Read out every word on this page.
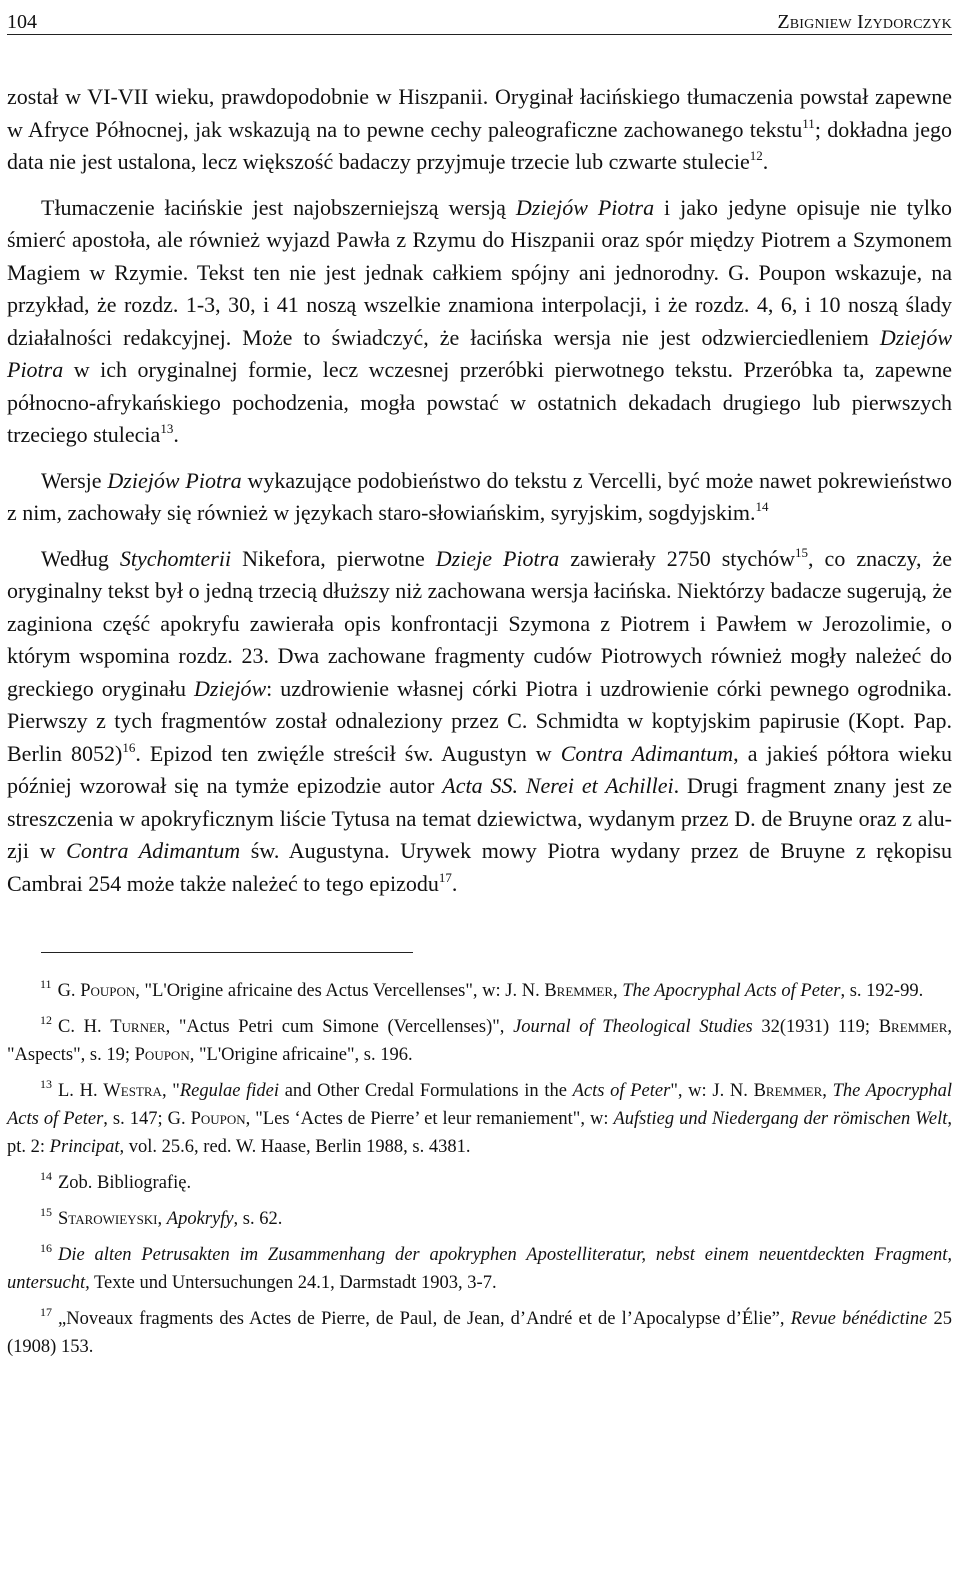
104	Zbigniew Izydorczyk

został w VI-VII wieku, prawdopodobnie w Hiszpanii. Oryginał łacińskiego tłumaczenia powstał zapewne w Afryce Północnej, jak wskazują na to pewne cechy paleograficzne zachowanego tekstu$^{11}$; dokładna jego data nie jest ustalona, lecz większość badaczy przyjmuje trzecie lub czwarte stulecie$^{12}$.

Tłumaczenie łacińskie jest najobszerniejszą wersją Dziejów Piotra i jako jedyne opisuje nie tylko śmierć apostoła, ale również wyjazd Pawła z Rzymu do Hiszpanii oraz spór między Piotrem a Szymonem Magiem w Rzymie. Tekst ten nie jest jednak całkiem spójny ani jednorodny. G. Poupon wskazuje, na przykład, że rozdz. 1-3, 30, i 41 noszą wszelkie znamiona interpolacji, i że rozdz. 4, 6, i 10 noszą ślady działalności redakcyjnej. Może to świadczyć, że łacińska wersja nie jest odzwierciedleniem Dziejów Piotra w ich oryginalnej formie, lecz wczesnej przeróbki pierwotnego tekstu. Przeróbka ta, zapewne północno-afrykańskiego pochodzenia, mogła powstać w ostatnich dekadach drugiego lub pierwszych trzeciego stulecia$^{13}$.

Wersje Dziejów Piotra wykazujące podobieństwo do tekstu z Vercelli, być może nawet pokrewieństwo z nim, zachowały się również w językach staro-słowiańskim, syryjskim, sogdyjskim.$^{14}$

Według Stychomterii Nikefora, pierwotne Dzieje Piotra zawierały 2750 stychów$^{15}$, co znaczy, że oryginalny tekst był o jedną trzecią dłuższy niż zachowana wersja łacińska. Niektórzy badacze sugerują, że zaginiona część apokryfu zawierała opis konfrontacji Szymona z Piotrem i Pawłem w Jerozolimie, o którym wspomina rozdz. 23. Dwa zachowane fragmenty cudów Piotrowych również mogły należeć do greckiego oryginału Dziejów: uzdrowienie własnej córki Piotra i uzdrowienie córki pewnego ogrodnika. Pierwszy z tych fragmentów został odnaleziony przez C. Schmidta w koptyjskim papirusie (Kopt. Pap. Berlin 8052)$^{16}$. Epizod ten zwięźle streścił św. Augustyn w Contra Adimantum, a jakieś półtora wieku później wzorował się na tymże epizodzie autor Acta SS. Nerei et Achillei. Drugi fragment znany jest ze streszczenia w apokryficznym liście Tytusa na temat dziewictwa, wydanym przez D. de Bruyne oraz z aluzji w Contra Adimantum św. Augustyna. Urywek mowy Piotra wydany przez de Bruyne z rękopisu Cambrai 254 może także należeć to tego epizodu$^{17}$.

$^{11}$ G. Poupon, "L'Origine africaine des Actus Vercellenses", w: J. N. Bremmer, The Apocryphal Acts of Peter, s. 192-99.
$^{12}$ C. H. Turner, "Actus Petri cum Simone (Vercellenses)", Journal of Theological Studies 32(1931) 119; Bremmer, "Aspects", s. 19; Poupon, "L'Origine africaine", s. 196.
$^{13}$ L. H. Westra, "Regulae fidei and Other Credal Formulations in the Acts of Peter", w: J. N. Bremmer, The Apocryphal Acts of Peter, s. 147; G. Poupon, "Les ‘Actes de Pierre’ et leur remaniement", w: Aufstieg und Niedergang der römischen Welt, pt. 2: Principat, vol. 25.6, red. W. Haase, Berlin 1988, s. 4381.
$^{14}$ Zob. Bibliografię.
$^{15}$ Starowieyski, Apokryfy, s. 62.
$^{16}$ Die alten Petrusakten im Zusammenhang der apokryphen Apostelliteratur, nebst einem neuentdeckten Fragment, untersucht, Texte und Untersuchungen 24.1, Darmstadt 1903, 3-7.
$^{17}$ „Noveaux fragments des Actes de Pierre, de Paul, de Jean, d’André et de l’Apocalypse d’Élie”, Revue bénédictine 25 (1908) 153.
